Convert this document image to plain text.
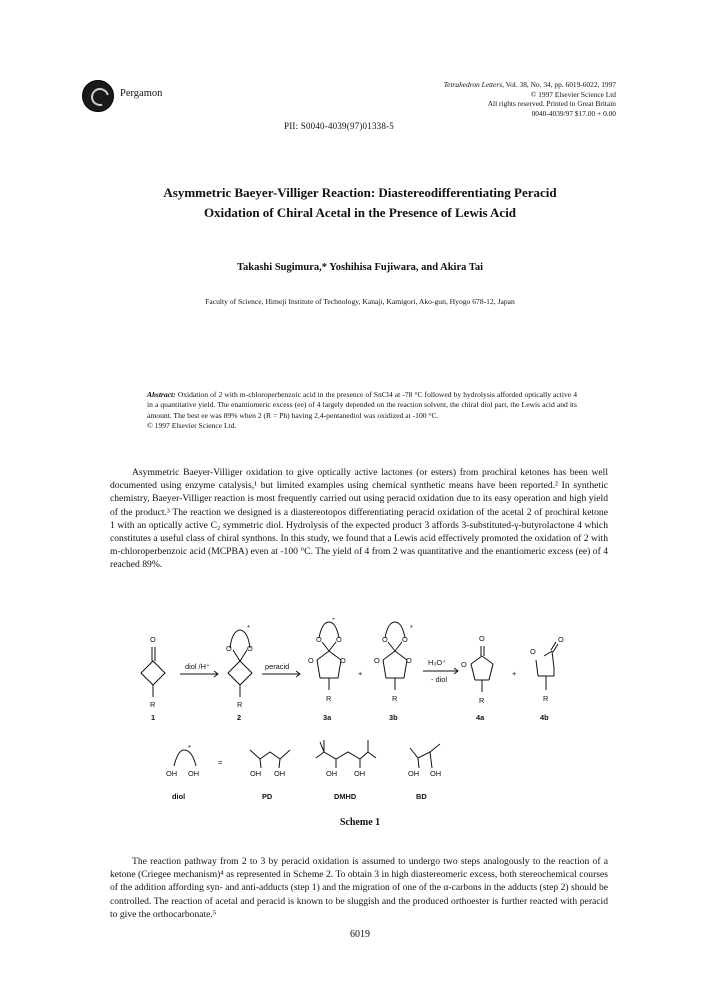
Pergamon
Tetrahedron Letters, Vol. 38, No. 34, pp. 6019-6022, 1997
© 1997 Elsevier Science Ltd
All rights reserved. Printed in Great Britain
0040-4039/97 $17.00 + 0.00
PII: S0040-4039(97)01338-5
Asymmetric Baeyer-Villiger Reaction: Diastereodifferentiating Peracid
Oxidation of Chiral Acetal in the Presence of Lewis Acid
Takashi Sugimura,* Yoshihisa Fujiwara, and Akira Tai
Faculty of Science, Himeji Institute of Technology, Kanaji, Kamigori, Ako-gun, Hyogo 678-12, Japan
Abstract: Oxidation of 2 with m-chloroperbenzoic acid in the presence of SnCl4 at -78 °C followed by hydrolysis afforded optically active 4 in a quantitative yield. The enantiomeric excess (ee) of 4 largely depended on the reaction solvent, the chiral diol part, the Lewis acid and its amount. The best ee was 89% when 2 (R = Ph) having 2,4-pentanediol was oxidized at -100 °C.
© 1997 Elsevier Science Ltd.
Asymmetric Baeyer-Villiger oxidation to give optically active lactones (or esters) from prochiral ketones has been well documented using enzyme catalysis,¹ but limited examples using chemical synthetic means have been reported.² In synthetic chemistry, Baeyer-Villiger reaction is most frequently carried out using peracid oxidation due to its easy operation and high yield of the product.³ The reaction we designed is a diastereotopos differentiating peracid oxidation of the acetal 2 of prochiral ketone 1 with an optically active C₂ symmetric diol. Hydrolysis of the expected product 3 affords 3-substituted-γ-butyrolactone 4 which constitutes a useful class of chiral synthons. In this study, we found that a Lewis acid effectively promoted the oxidation of 2 with m-chloroperbenzoic acid (MCPBA) even at -100 °C. The yield of 4 from 2 was quantitative and the enantiomeric excess (ee) of 4 reached 89%.
O
R
diol /H⁺
O O
*
R
peracid
O O
O	O
*
R
+
O O
O	O
*
R
H₃O⁺
- diol
O
O
R
+
O
O
R
1	2	3a	3b	4a	4b
*
OH OH
=
OH OH	OH OH	OH OH
diol	PD	DMHD	BD
Scheme 1
The reaction pathway from 2 to 3 by peracid oxidation is assumed to undergo two steps analogously to the reaction of a ketone (Criegee mechanism)⁴ as represented in Scheme 2. To obtain 3 in high diastereomeric excess, both stereochemical courses of the addition affording syn- and anti-adducts (step 1) and the migration of one of the α-carbons in the adducts (step 2) should be controlled. The reaction of acetal and peracid is known to be sluggish and the produced orthoester is further reacted with peracid to give the orthocarbonate.⁵
6019
